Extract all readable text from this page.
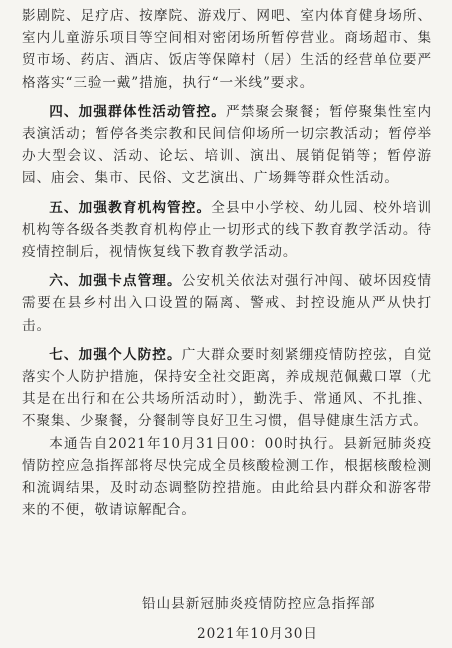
影剧院、足疗店、按摩院、游戏厅、网吧、室内体育健身场所、室内儿童游乐项目等空间相对密闭场所暂停营业。商场超市、集贸市场、药店、酒店、饭店等保障村（居）生活的经营单位要严格落实“三验一戴”措施，执行“一米线”要求。

四、加强群体性活动管控。严禁聚会聚餐；暂停聚集性室内表演活动；暂停各类宗教和民间信仰场所一切宗教活动；暂停举办大型会议、活动、论坛、培训、演出、展销促销等；暂停游园、庙会、集市、民俗、文艺演出、广场舞等群众性活动。

五、加强教育机构管控。全县中小学校、幼儿园、校外培训机构等各级各类教育机构停止一切形式的线下教育教学活动。待疫情控制后，视情恢复线下教育教学活动。

六、加强卡点管理。公安机关依法对强行冲闯、破坏因疫情需要在县乡村出入口设置的隔离、警戒、封控设施从严从快打击。

七、加强个人防控。广大群众要时刻紧绷疫情防控弦，自觉落实个人防护措施，保持安全社交距离，养成规范佩戴口罩（尤其是在出行和在公共场所活动时），勤洗手、常通风、不扎推、不聚集、少聚餐，分餐制等良好卫生习惯，倡导健康生活方式。

本通告自2021年10月31日00：00时执行。县新冠肺炎疫情防控应急指挥部将尽快完成全员核酸检测工作，根据核酸检测和流调结果，及时动态调整防控措施。由此给县内群众和游客带来的不便，敬请谅解配合。

铅山县新冠肺炎疫情防控应急指挥部
2021年10月30日
